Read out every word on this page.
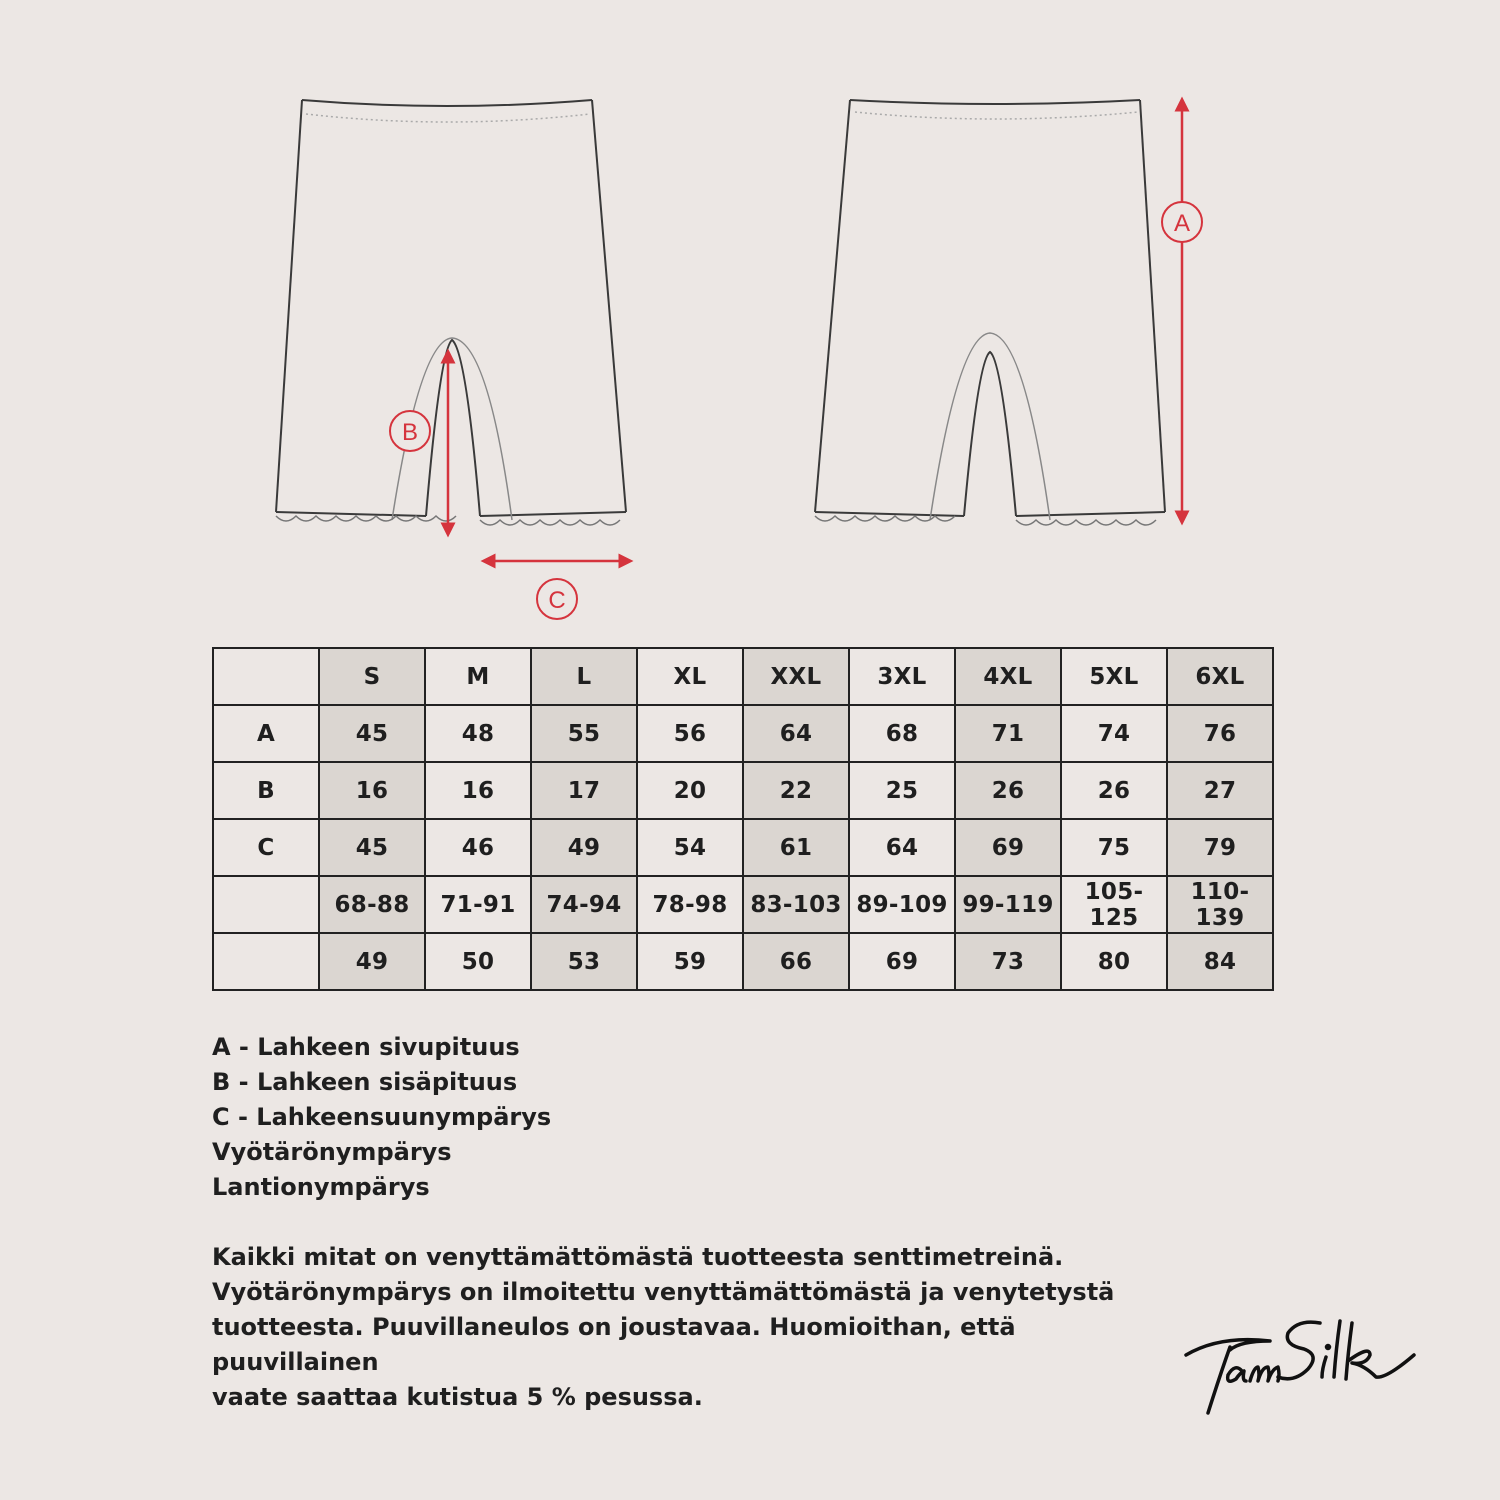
B
C
A
	S	M	L	XL	XXL	3XL	4XL	5XL	6XL
A	45	48	55	56	64	68	71	74	76
B	16	16	17	20	22	25	26	26	27
C	45	46	49	54	61	64	69	75	79
	68-88	71-91	74-94	78-98	83-103	89-109	99-119	105-125	110-139
	49	50	53	59	66	69	73	80	84
A - Lahkeen sivupituus
B - Lahkeen sisäpituus
C - Lahkeensuunympärys
Vyötärönympärys
Lantionympärys
Kaikki mitat on venyttämättömästä tuotteesta senttimetreinä.
Vyötärönympärys on ilmoitettu venyttämättömästä ja venytetystä
tuotteesta. Puuvillaneulos on joustavaa. Huomioithan, että puuvillainen
vaate saattaa kutistua 5 % pesussa.
